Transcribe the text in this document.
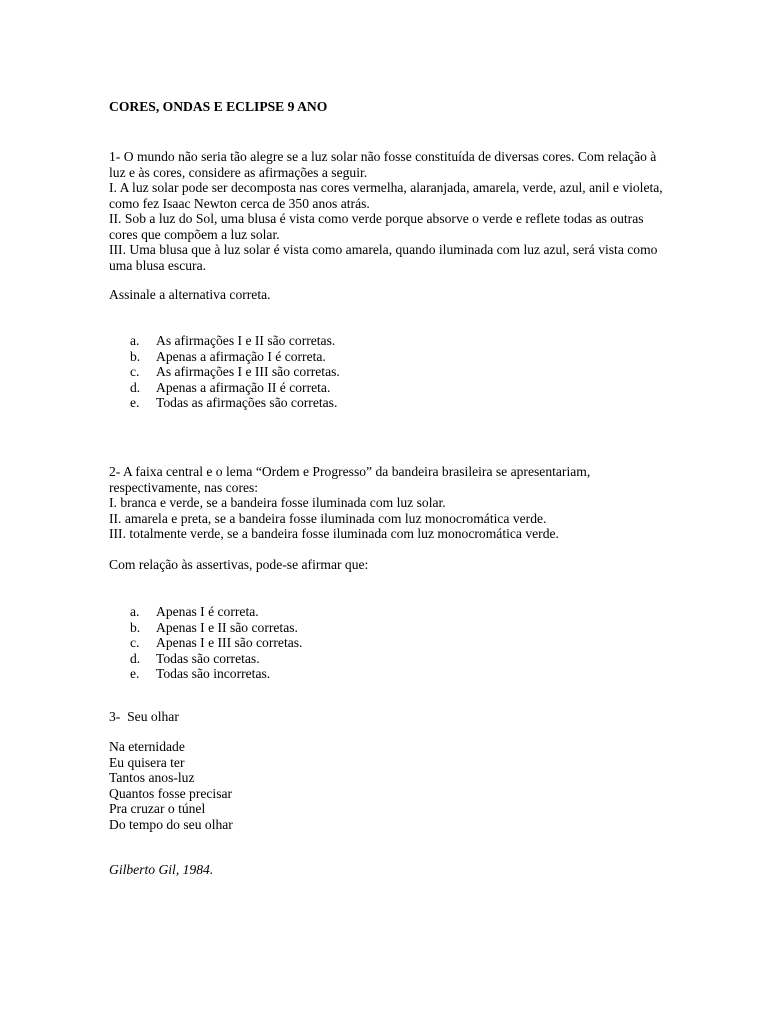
CORES, ONDAS E ECLIPSE 9 ANO

1- O mundo não seria tão alegre se a luz solar não fosse constituída de diversas cores. Com relação à luz e às cores, considere as afirmações a seguir.

I. A luz solar pode ser decomposta nas cores vermelha, alaranjada, amarela, verde, azul, anil e violeta, como fez Isaac Newton cerca de 350 anos atrás.

II. Sob a luz do Sol, uma blusa é vista como verde porque absorve o verde e reflete todas as outras cores que compõem a luz solar.

III. Uma blusa que à luz solar é vista como amarela, quando iluminada com luz azul, será vista como uma blusa escura.

Assinale a alternativa correta.
a.	As afirmações I e II são corretas.
b.	Apenas a afirmação I é correta.
c.	As afirmações I e III são corretas.
d.	Apenas a afirmação II é correta.
e.	Todas as afirmações são corretas.

2- A faixa central e o lema “Ordem e Progresso” da bandeira brasileira se apresentariam, respectivamente, nas cores:

I. branca e verde, se a bandeira fosse iluminada com luz solar.

II. amarela e preta, se a bandeira fosse iluminada com luz monocromática verde.

III. totalmente verde, se a bandeira fosse iluminada com luz monocromática verde.

Com relação às assertivas, pode-se afirmar que:
a.	Apenas I é correta.
b.	Apenas I e II são corretas.
c.	Apenas I e III são corretas.
d.	Todas são corretas.
e.	Todas são incorretas.
3-  Seu olhar

Na eternidade

Eu quisera ter

Tantos anos-luz

Quantos fosse precisar

Pra cruzar o túnel

Do tempo do seu olhar

Gilberto Gil, 1984.
